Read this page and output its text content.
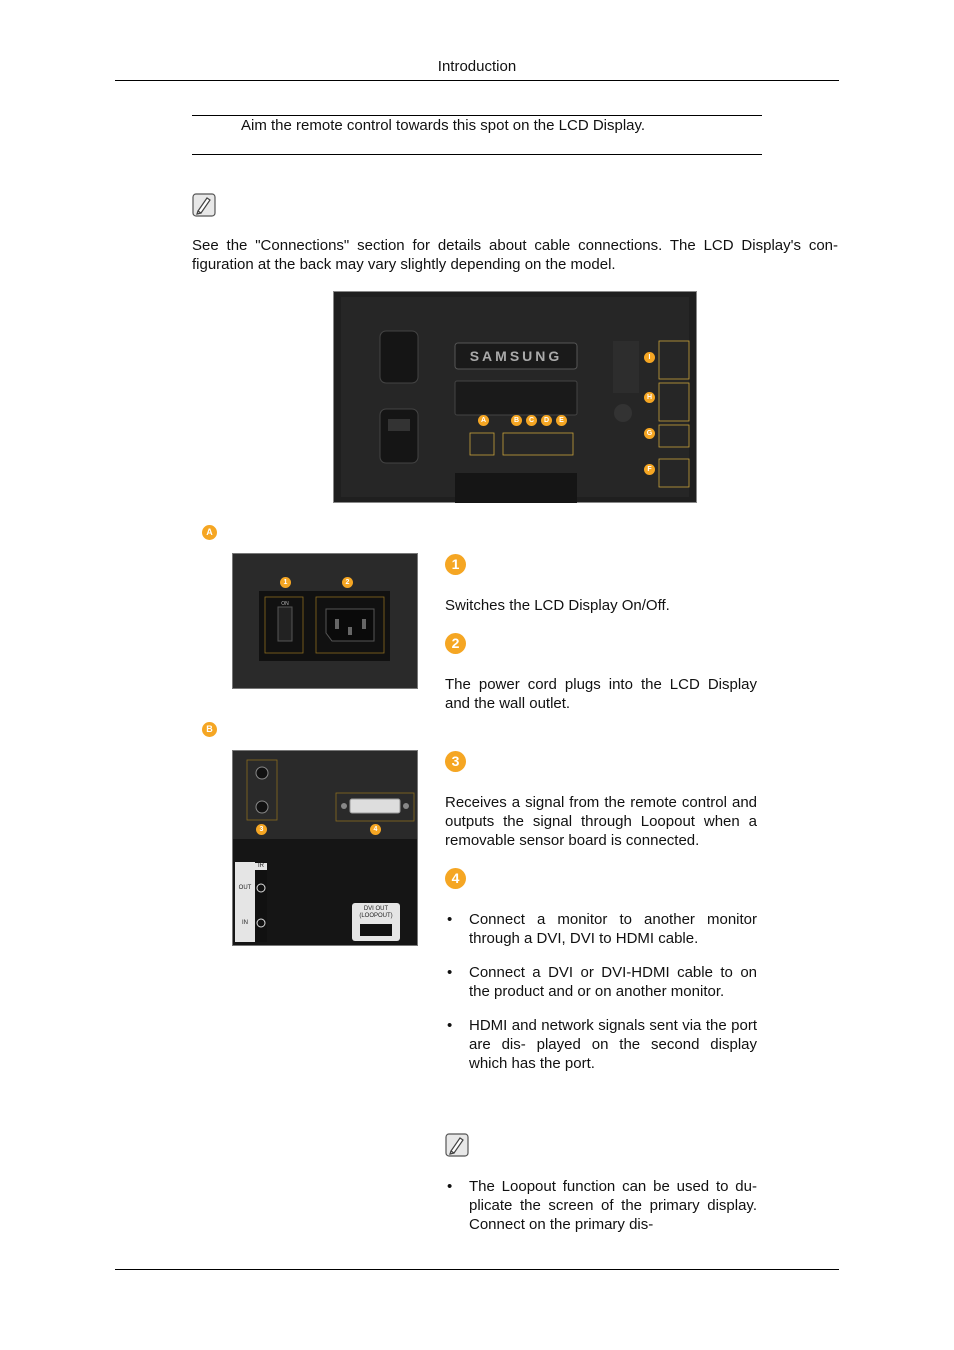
Introduction
Aim the remote control towards this spot on the LCD Display.
See the "Connections" section for details about cable connections. The LCD Display's con- figuration at the back may vary slightly depending on the model.
SAMSUNG
A	B	C	D	E
F
G
H
I
A
ON
1	2
B
IR
OUT
IN
DVI OUT (LOOPOUT)
3	4
1
Switches the LCD Display On/Off.
2
The power cord plugs into the LCD Display and the wall outlet.
3
Receives a signal from the remote control and outputs the signal through Loopout when a removable sensor board is connected.
4
• Connect a monitor to another monitor through a DVI, DVI to HDMI cable.
• Connect a DVI or DVI-HDMI cable to on the product and or on another monitor.
• HDMI and network signals sent via the port are dis- played on the second display which has the port.
• The Loopout function can be used to du- plicate the screen of the primary display. Connect on the primary dis-
